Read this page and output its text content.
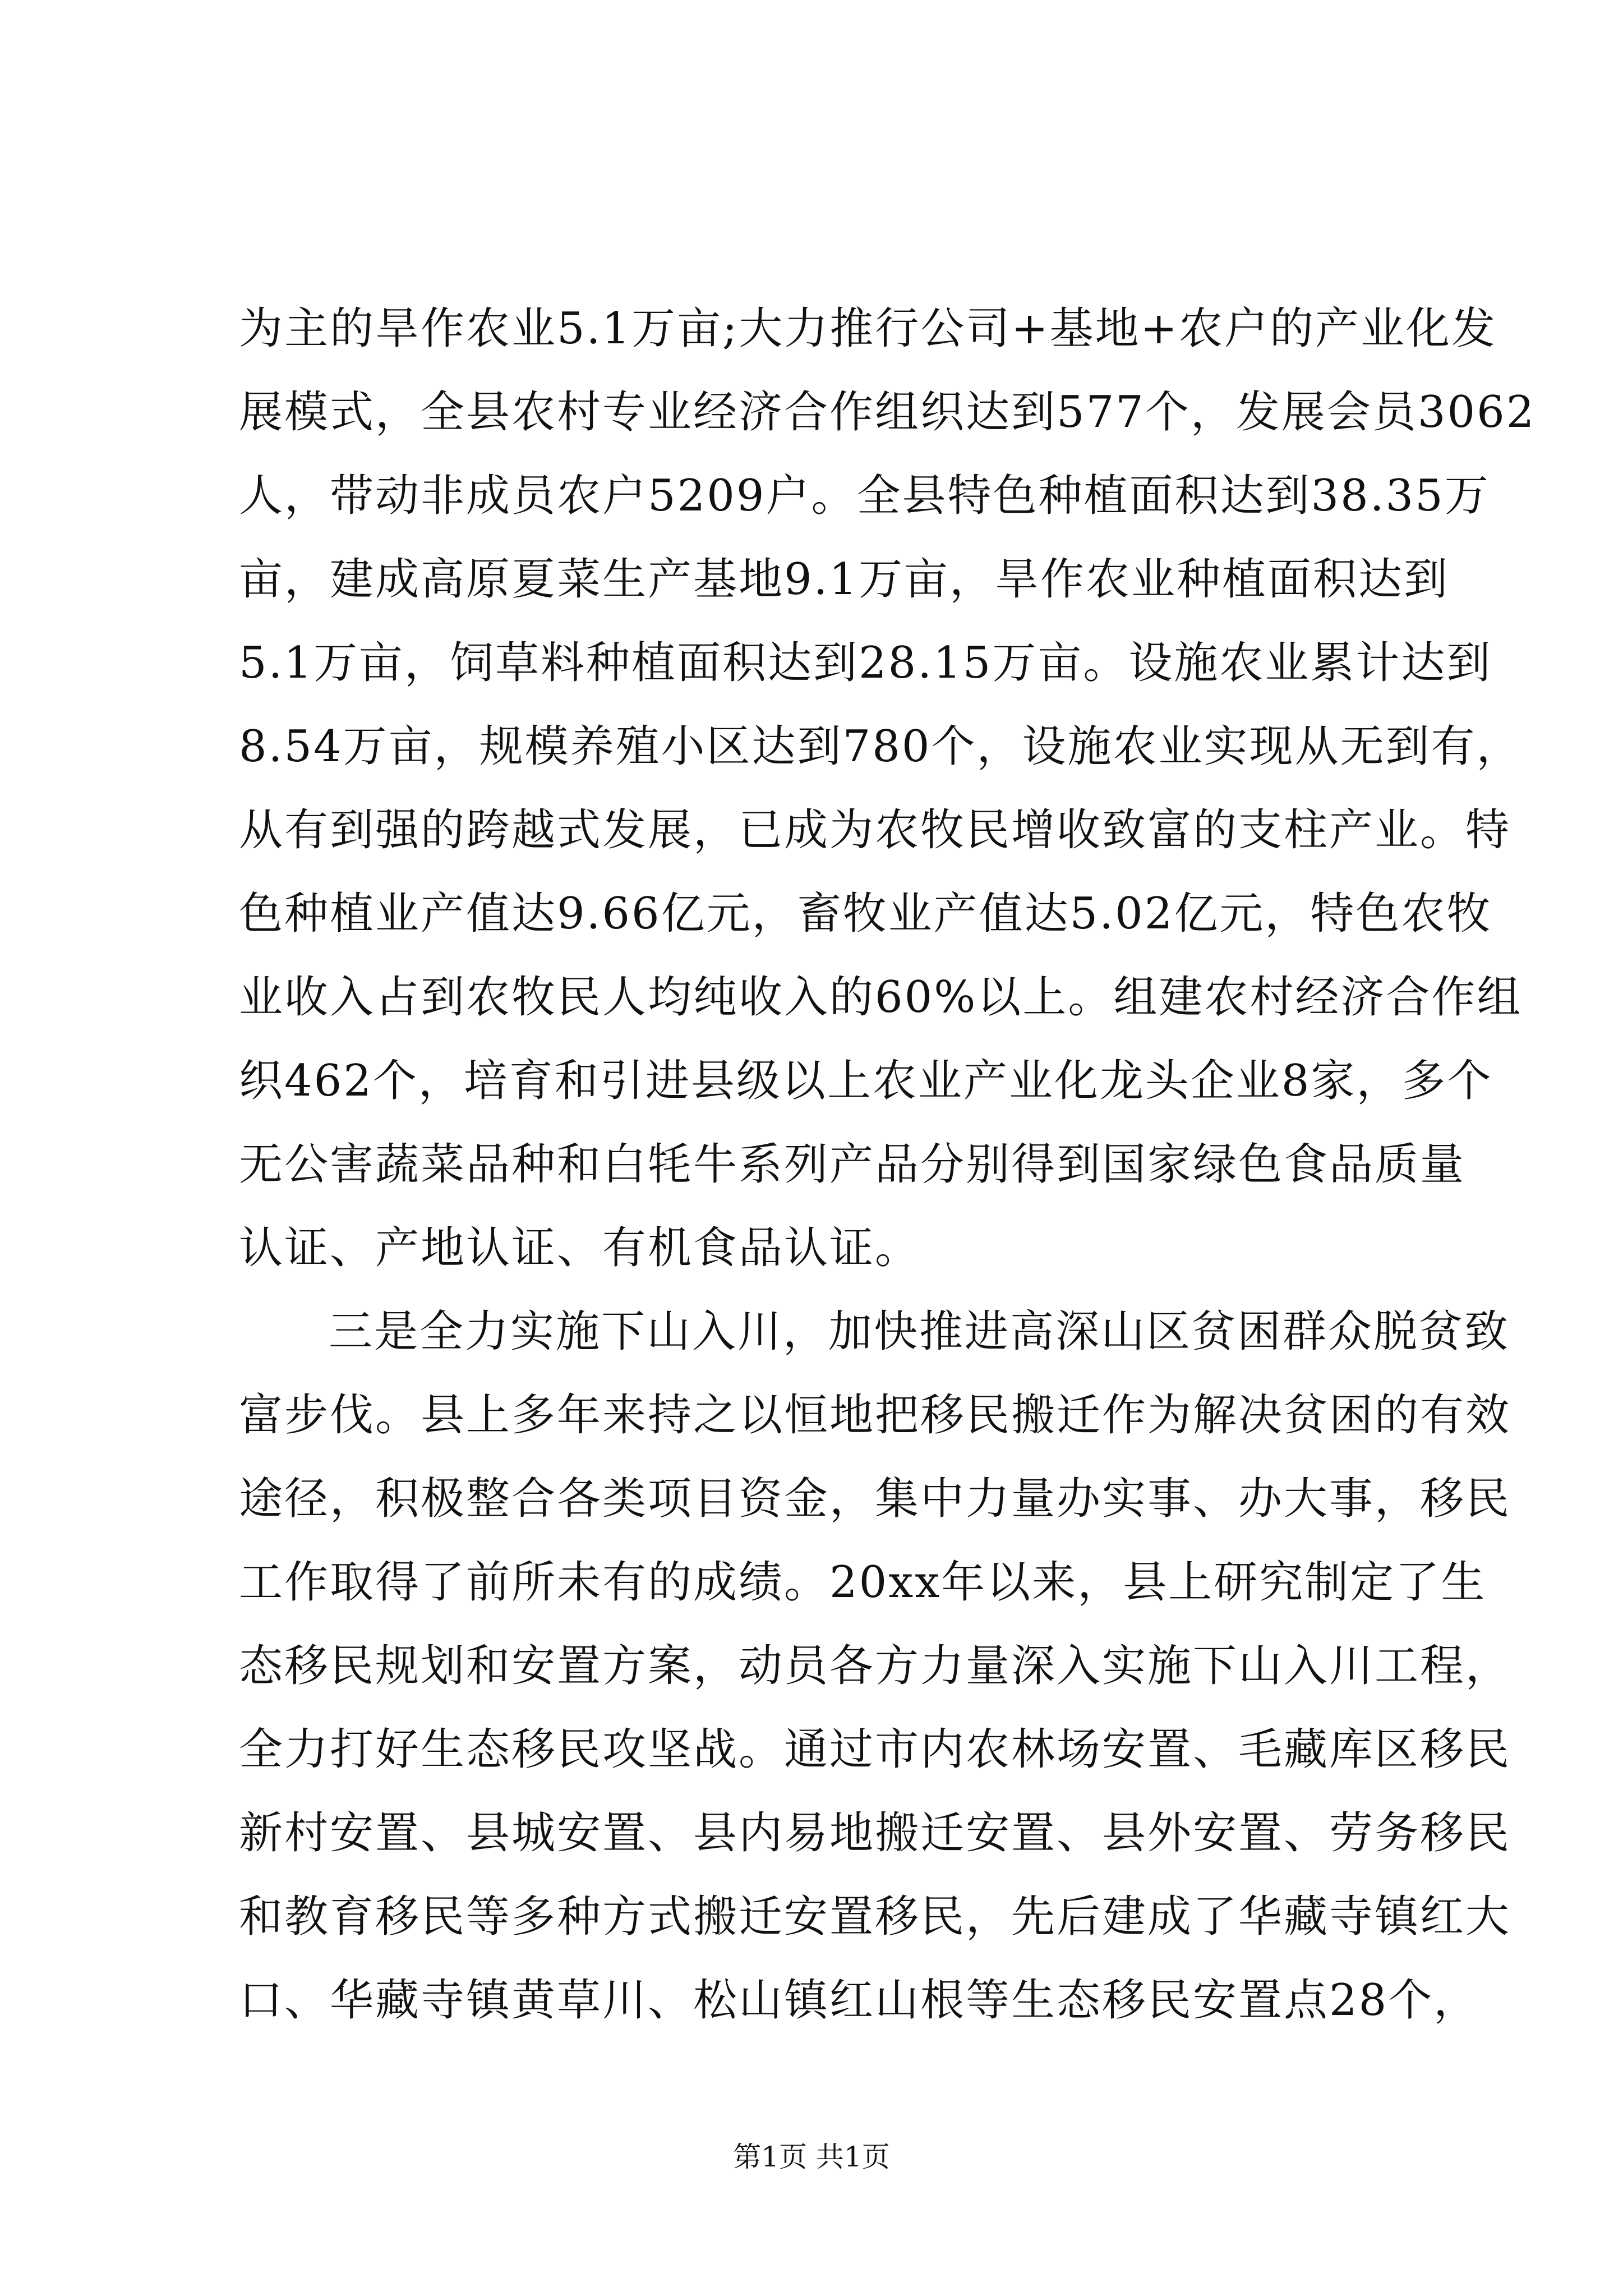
为主的旱作农业5.1万亩;大力推行公司+基地+农户的产业化发
展模式，全县农村专业经济合作组织达到577个，发展会员3062
人，带动非成员农户5209户。全县特色种植面积达到38.35万
亩，建成高原夏菜生产基地9.1万亩，旱作农业种植面积达到
5.1万亩，饲草料种植面积达到28.15万亩。设施农业累计达到
8.54万亩，规模养殖小区达到780个，设施农业实现从无到有，
从有到强的跨越式发展，已成为农牧民增收致富的支柱产业。特
色种植业产值达9.66亿元，畜牧业产值达5.02亿元，特色农牧
业收入占到农牧民人均纯收入的60%以上。组建农村经济合作组
织462个，培育和引进县级以上农业产业化龙头企业8家，多个
无公害蔬菜品种和白牦牛系列产品分别得到国家绿色食品质量
认证、产地认证、有机食品认证。
三是全力实施下山入川，加快推进高深山区贫困群众脱贫致
富步伐。县上多年来持之以恒地把移民搬迁作为解决贫困的有效
途径，积极整合各类项目资金，集中力量办实事、办大事，移民
工作取得了前所未有的成绩。20xx年以来，县上研究制定了生
态移民规划和安置方案，动员各方力量深入实施下山入川工程，
全力打好生态移民攻坚战。通过市内农林场安置、毛藏库区移民
新村安置、县城安置、县内易地搬迁安置、县外安置、劳务移民
和教育移民等多种方式搬迁安置移民，先后建成了华藏寺镇红大
口、华藏寺镇黄草川、松山镇红山根等生态移民安置点28个，
第1页 共1页
